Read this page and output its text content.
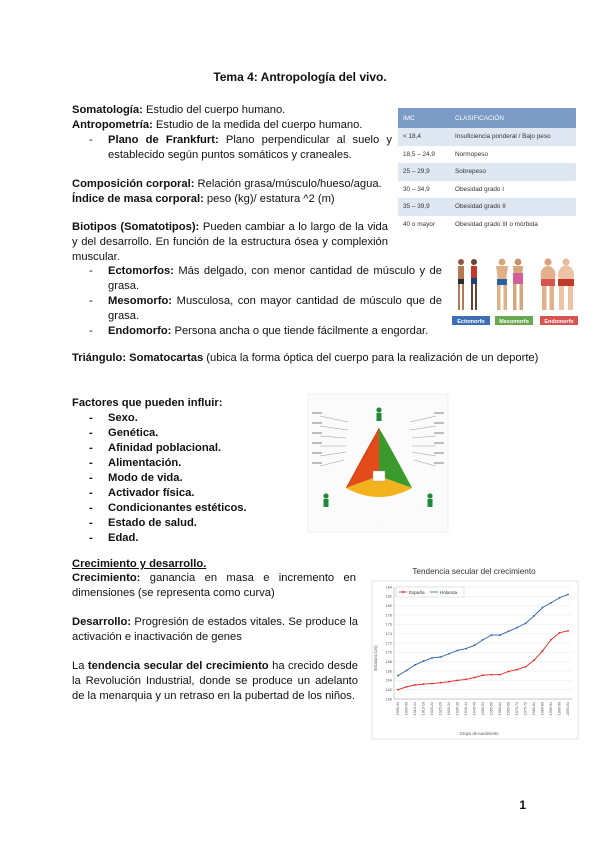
Tema 4: Antropología del vivo.
Somatología: Estudio del cuerpo humano.
Antropometría: Estudio de la medida del cuerpo humano.
- Plano de Frankfurt: Plano perpendicular al suelo y establecido según puntos somáticos y craneales.
Composición corporal: Relación grasa/músculo/hueso/agua.
Índice de masa corporal: peso (kg)/ estatura ^2 (m)
IMC	CLASIFICACIÓN
< 18,4	Insuficiencia ponderal / Bajo peso
18,5 – 24,9	Normopeso
25 – 29,9	Sobrepeso
30 – 34,9	Obesidad grado I
35 – 39,9	Obesidad grado II
40 o mayor	Obesidad grado III o mórbida
Biotipos (Somatotipos): Pueden cambiar a lo largo de la vida y del desarrollo. En función de la estructura ósea y complexión muscular.
- Ectomorfos: Más delgado, con menor cantidad de músculo y de grasa.
- Mesomorfo: Musculosa, con mayor cantidad de músculo que de grasa.
- Endomorfo: Persona ancha o que tiende fácilmente a engordar.
Ectomorfo	Mesomorfo	Endomorfo
Triángulo: Somatocartas (ubica la forma óptica del cuerpo para la realización de un deporte)
Factores que pueden influir:
- Sexo.
- Genética.
- Afinidad poblacional.
- Alimentación.
- Modo de vida.
- Activador física.
- Condicionantes estéticos.
- Estado de salud.
- Edad.
·
Crecimiento y desarrollo.
Crecimiento: ganancia en masa e incremento en dimensiones (se representa como curva)
Desarrollo: Progresión de estados vitales. Se produce la activación e inactivación de genes
La tendencia secular del crecimiento ha crecido desde la Revolución Industrial, donde se produce un adelanto de la menarquia y un retraso en la pubertad de los niños.
Tendencia secular del crecimiento
160
162
164
166
168
170
172
174
176
178
180
182
184
1900-04 1905-09 1910-14 1915-19 1920-24 1925-29 1930-34 1935-39 1940-44 1945-49 1950-54 1955-59 1960-64 1965-69 1970-74 1975-79 1980-84 1985-89 1990-94 1995-99 2000-04
España	Holanda
Estatura (cm)
Grupo de nacimiento
1
